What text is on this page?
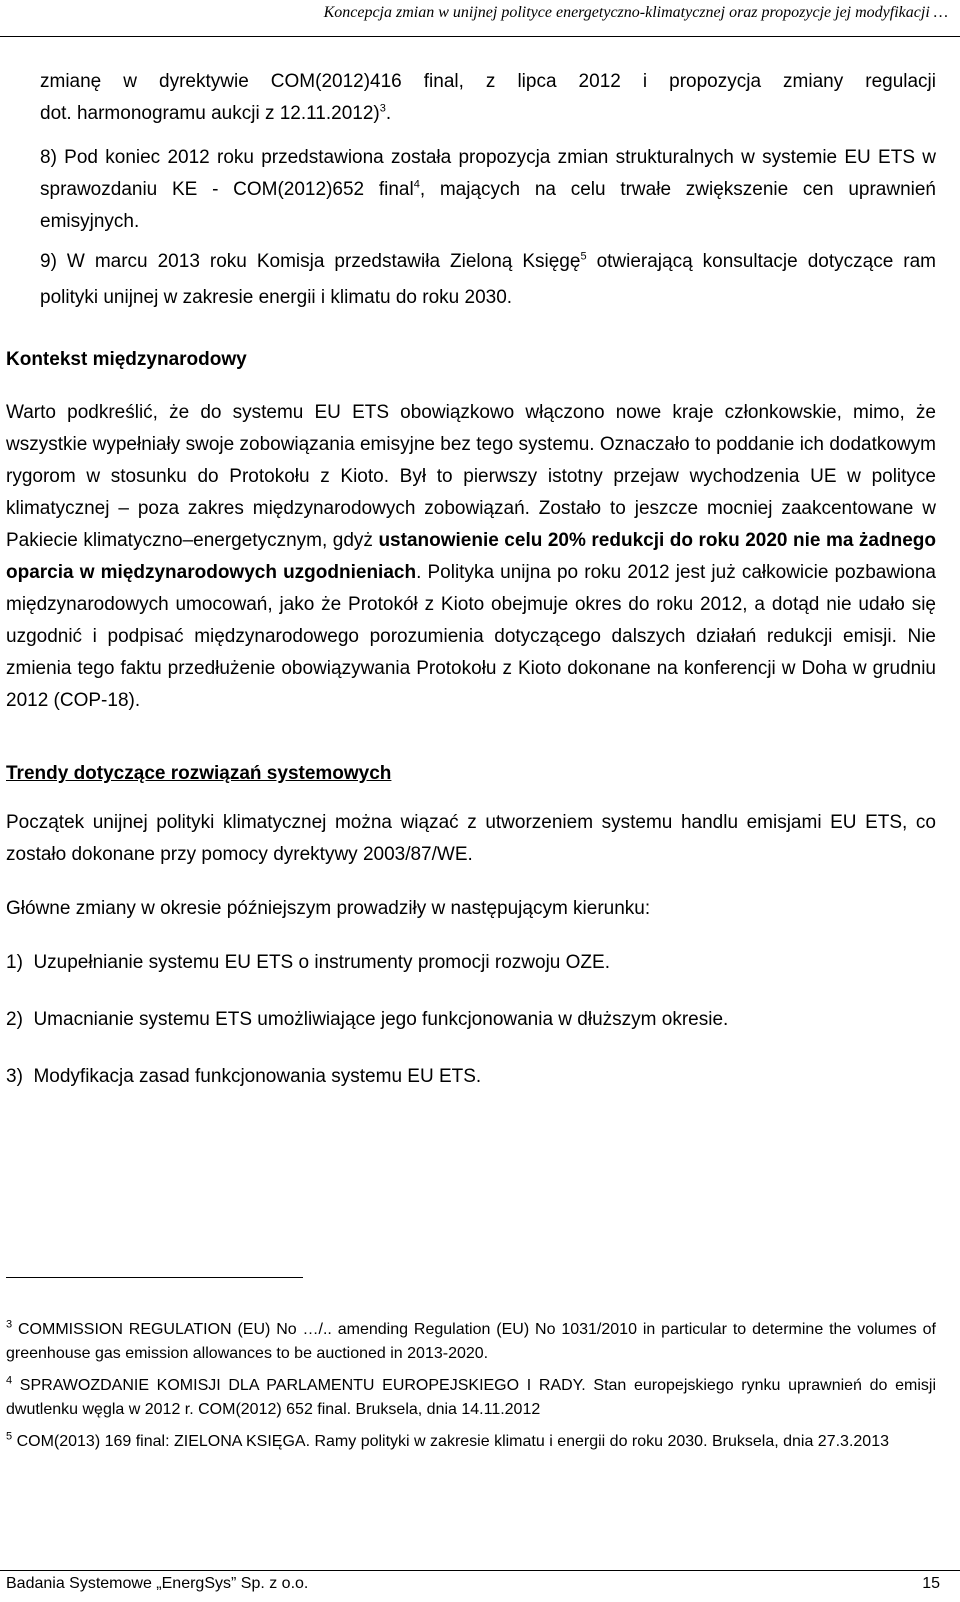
Koncepcja zmian w unijnej polityce energetyczno-klimatycznej oraz propozycje jej modyfikacji …

zmianę w dyrektywie COM(2012)416 final, z lipca 2012 i propozycja zmiany regulacji

dot. harmonogramu aukcji z 12.11.2012)$^3$.

8) Pod koniec 2012 roku przedstawiona została propozycja zmian strukturalnych w systemie EU ETS w sprawozdaniu KE - COM(2012)652 final$^4$, mających na celu trwałe zwiększenie cen uprawnień emisyjnych.

9) W marcu 2013 roku Komisja przedstawiła Zieloną Księgę$^5$ otwierającą konsultacje dotyczące ram polityki unijnej w zakresie energii i klimatu do roku 2030.

Kontekst międzynarodowy

Warto podkreślić, że do systemu EU ETS obowiązkowo włączono nowe kraje członkowskie, mimo, że wszystkie wypełniały swoje zobowiązania emisyjne bez tego systemu. Oznaczało to poddanie ich dodatkowym rygorom w stosunku do Protokołu z Kioto. Był to pierwszy istotny przejaw wychodzenia UE w polityce klimatycznej – poza zakres międzynarodowych zobowiązań. Zostało to jeszcze mocniej zaakcentowane w Pakiecie klimatyczno–energetycznym, gdyż ustanowienie celu 20% redukcji do roku 2020 nie ma żadnego oparcia w międzynarodowych uzgodnieniach. Polityka unijna po roku 2012 jest już całkowicie pozbawiona międzynarodowych umocowań, jako że Protokół z Kioto obejmuje okres do roku 2012, a dotąd nie udało się uzgodnić i podpisać międzynarodowego porozumienia dotyczącego dalszych działań redukcji emisji. Nie zmienia tego faktu przedłużenie obowiązywania Protokołu z Kioto dokonane na konferencji w Doha w grudniu 2012 (COP-18).

Trendy dotyczące rozwiązań systemowych

Początek unijnej polityki klimatycznej można wiązać z utworzeniem systemu handlu emisjami EU ETS, co zostało dokonane przy pomocy dyrektywy 2003/87/WE.

Główne zmiany w okresie późniejszym prowadziły w następującym kierunku:

1)  Uzupełnianie systemu EU ETS o instrumenty promocji rozwoju OZE.

2)  Umacnianie systemu ETS umożliwiające jego funkcjonowania w dłuższym okresie.

3)  Modyfikacja zasad funkcjonowania systemu EU ETS.

$^3$ COMMISSION REGULATION (EU) No …/.. amending Regulation (EU) No 1031/2010 in particular to determine the volumes of greenhouse gas emission allowances to be auctioned in 2013-2020.

$^4$ SPRAWOZDANIE KOMISJI DLA PARLAMENTU EUROPEJSKIEGO I RADY. Stan europejskiego rynku uprawnień do emisji dwutlenku węgla w 2012 r. COM(2012) 652 final. Bruksela, dnia 14.11.2012

$^5$ COM(2013) 169 final: ZIELONA KSIĘGA. Ramy polityki w zakresie klimatu i energii do roku 2030. Bruksela, dnia 27.3.2013

Badania Systemowe „EnergSys” Sp. z o.o.	15
